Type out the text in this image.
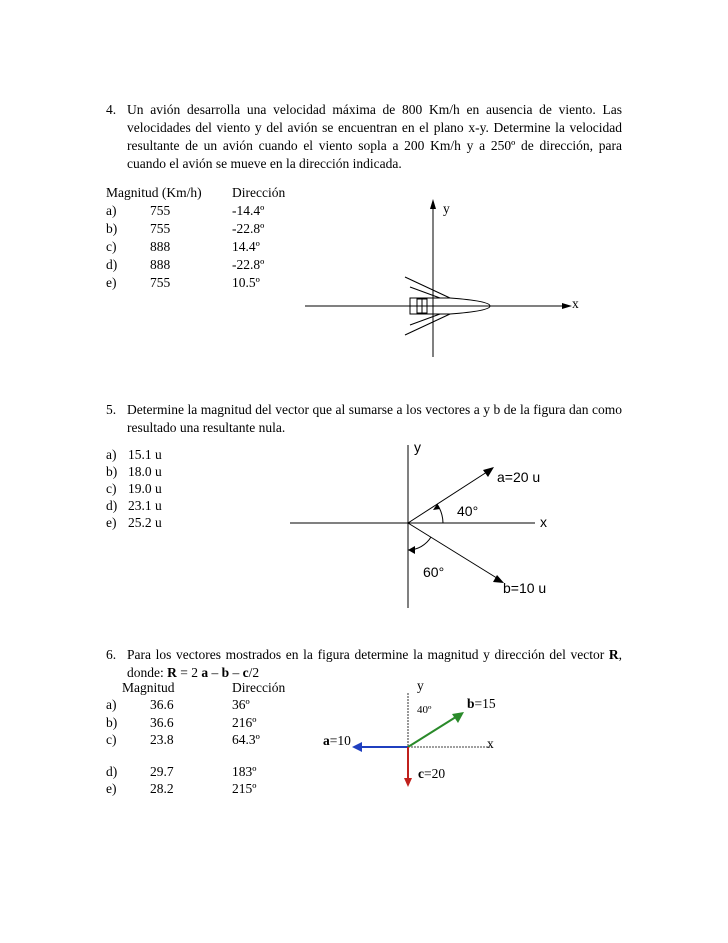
4. Un avión desarrolla una velocidad máxima de 800 Km/h en ausencia de viento. Las velocidades del viento y del avión se encuentran en el plano x-y. Determine la velocidad resultante de un avión cuando el viento sopla a 200 Km/h y a 250º de dirección, para cuando el avión se mueve en la dirección indicada.
Magnitud (Km/h) Dirección
a) 755	-14.4º
b) 755	-22.8º
c) 888	14.4º
d) 888	-22.8º
e) 755	10.5º
y
x
5. Determine la magnitud del vector que al sumarse a los vectores a y b de la figura dan como resultado una resultante nula.
a) 15.1 u
b) 18.0 u
c) 19.0 u
d) 23.1 u
e) 25.2 u
y
x
a=20 u
40°
60°
b=10 u
6. Para los vectores mostrados en la figura determine la magnitud y dirección del vector R, donde: R = 2 a – b – c/2
Magnitud	Dirección
a) 36.6	36º
b) 36.6	216º
c) 23.8	64.3º
d) 29.7	183º
e) 28.2	215º
y
x
40º
a=10
b=15
c=20
